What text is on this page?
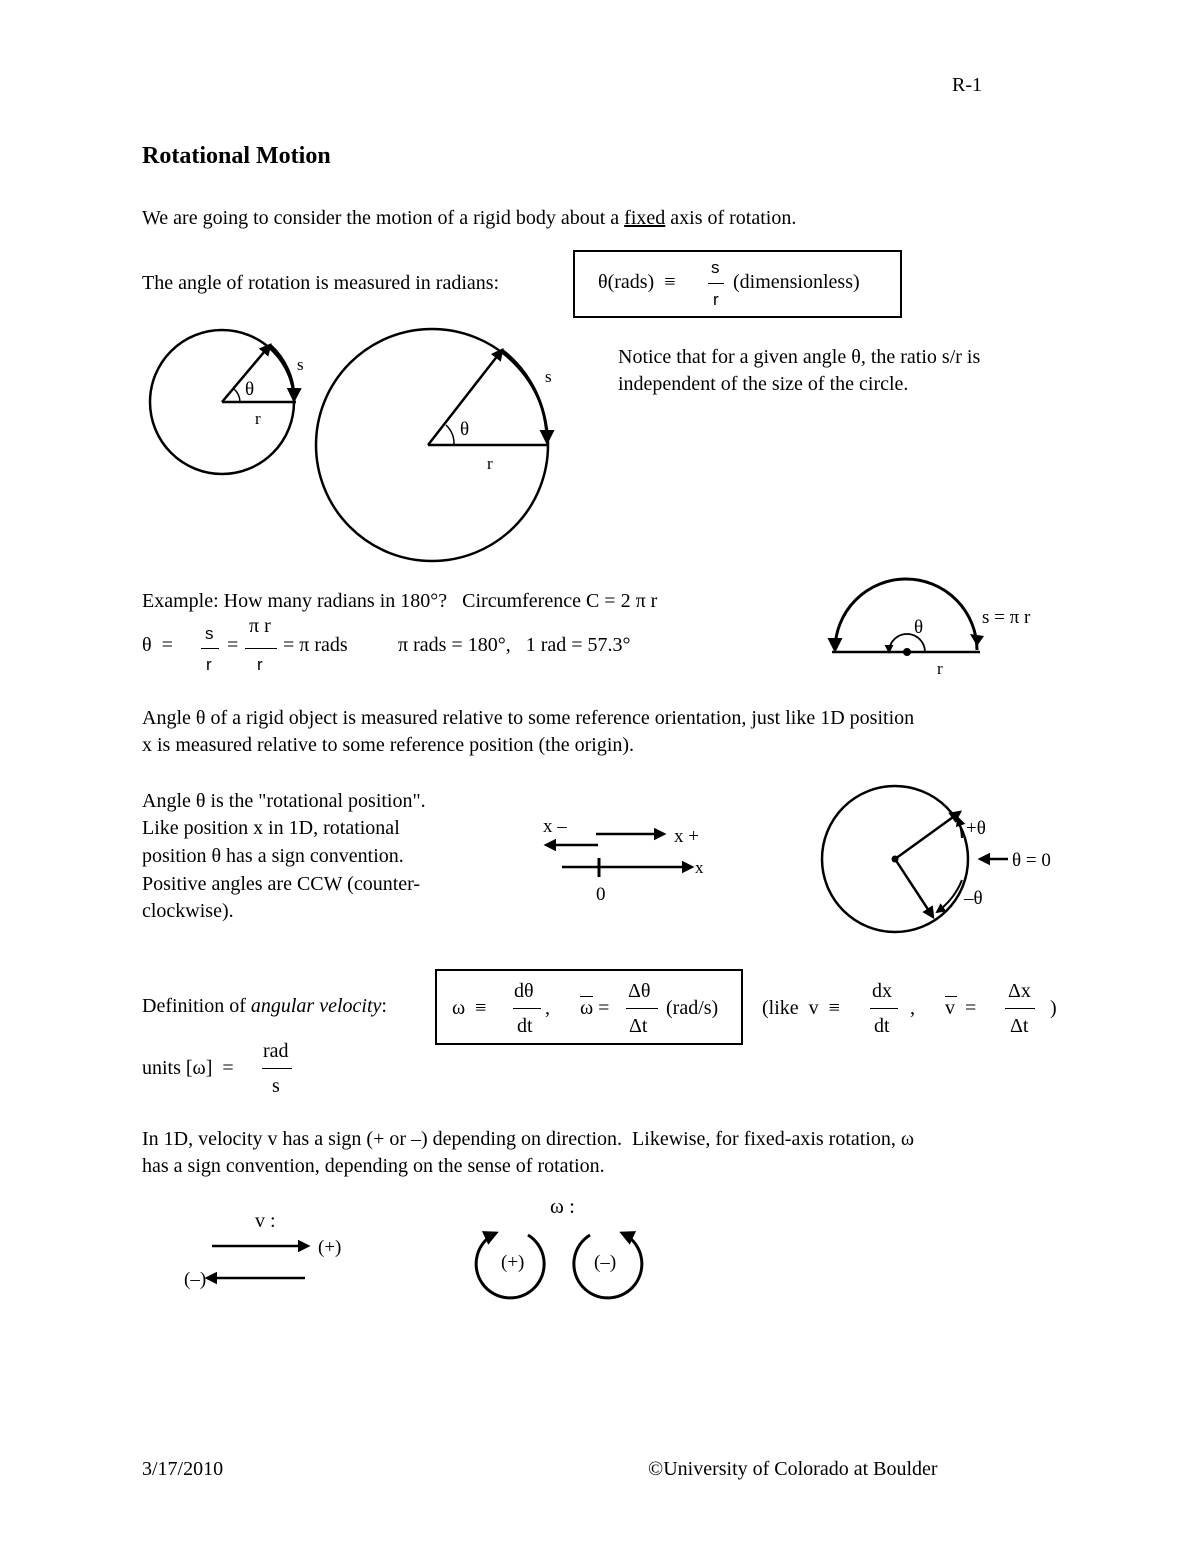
R-1
Rotational Motion
We are going to consider the motion of a rigid body about a fixed axis of rotation.
The angle of rotation is measured in radians:	θ(rads)  ≡
s
r
(dimensionless)
θ
r
s
θ
r
s
θ
r
s = π r
x –	x +
x
0
+θ
θ = 0
–θ
v :
(+)
(–)
ω :
(+)	(–)
Notice that for a given angle θ, the ratio s/r is
independent of the size of the circle.
Example: How many radians in 180°?   Circumference C = 2 π r
θ  =
s
r
=
π r
r
= π rads	π rads = 180°,   1 rad = 57.3°
Angle θ of a rigid object is measured relative to some reference orientation, just like 1D position
x is measured relative to some reference position (the origin).
Angle θ is the "rotational position".
Like position x in 1D, rotational
position θ has a sign convention.
Positive angles are CCW (counter-
clockwise).
Definition of angular velocity:	ω  ≡
dθ
dt
, ω =
Δθ
Δt
(rad/s) (like  v  ≡
dx
dt
, v  =
Δx
Δt
)
units [ω]  =
rad
s
In 1D, velocity v has a sign (+ or –) depending on direction.  Likewise, for fixed-axis rotation, ω
has a sign convention, depending on the sense of rotation.
3/17/2010	©University of Colorado at Boulder
